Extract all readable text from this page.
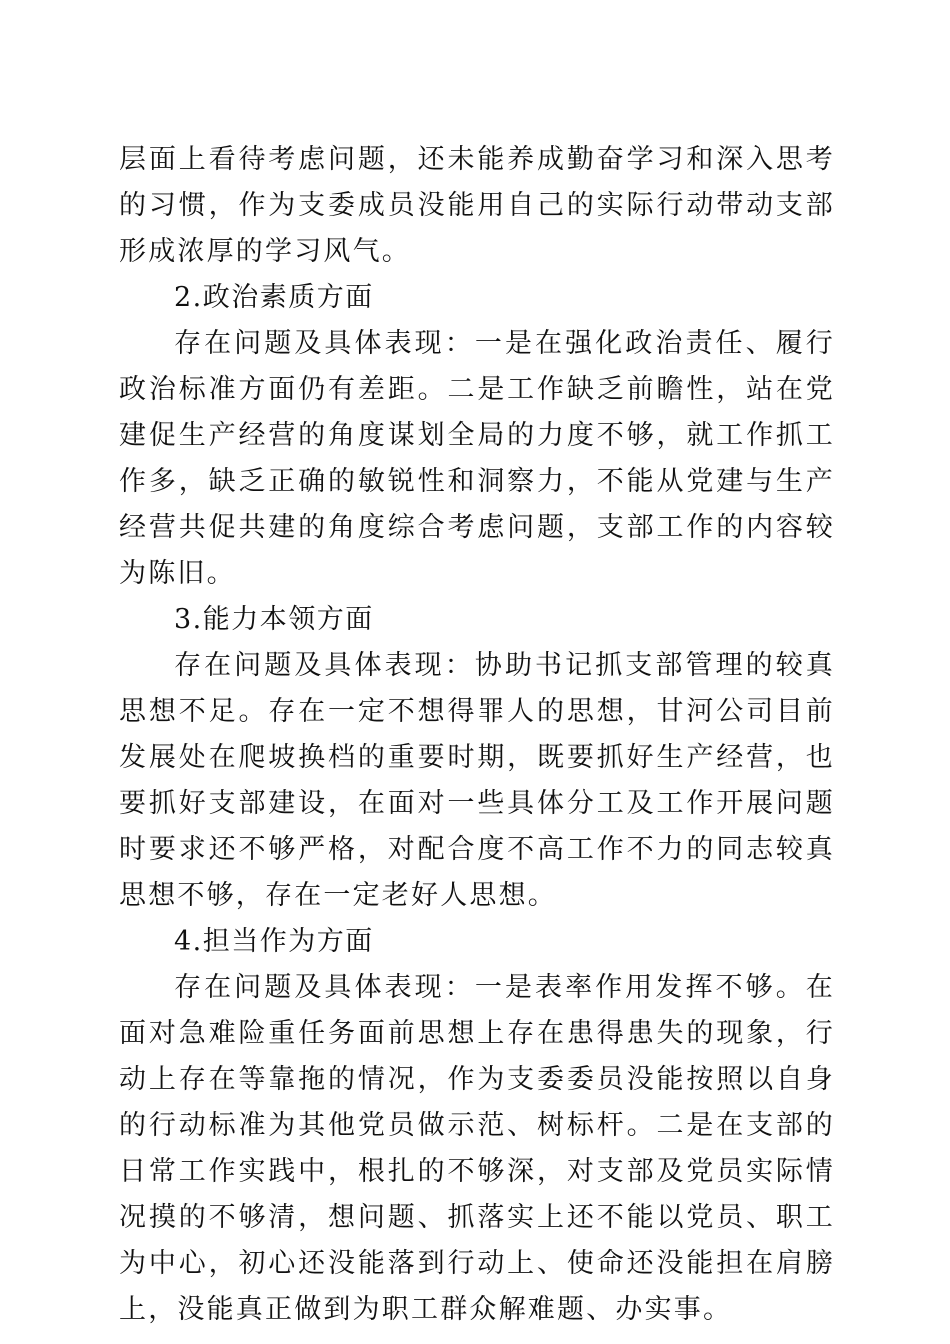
层面上看待考虑问题，还未能养成勤奋学习和深入思考的习惯，作为支委成员没能用自己的实际行动带动支部形成浓厚的学习风气。

2.政治素质方面

存在问题及具体表现：一是在强化政治责任、履行政治标准方面仍有差距。二是工作缺乏前瞻性，站在党建促生产经营的角度谋划全局的力度不够，就工作抓工作多，缺乏正确的敏锐性和洞察力，不能从党建与生产经营共促共建的角度综合考虑问题，支部工作的内容较为陈旧。

3.能力本领方面

存在问题及具体表现：协助书记抓支部管理的较真思想不足。存在一定不想得罪人的思想，甘河公司目前发展处在爬坡换档的重要时期，既要抓好生产经营，也要抓好支部建设，在面对一些具体分工及工作开展问题时要求还不够严格，对配合度不高工作不力的同志较真思想不够，存在一定老好人思想。

4.担当作为方面

存在问题及具体表现：一是表率作用发挥不够。在面对急难险重任务面前思想上存在患得患失的现象，行动上存在等靠拖的情况，作为支委委员没能按照以自身的行动标准为其他党员做示范、树标杆。二是在支部的日常工作实践中，根扎的不够深，对支部及党员实际情况摸的不够清，想问题、抓落实上还不能以党员、职工为中心，初心还没能落到行动上、使命还没能担在肩膀上，没能真正做到为职工群众解难题、办实事。
